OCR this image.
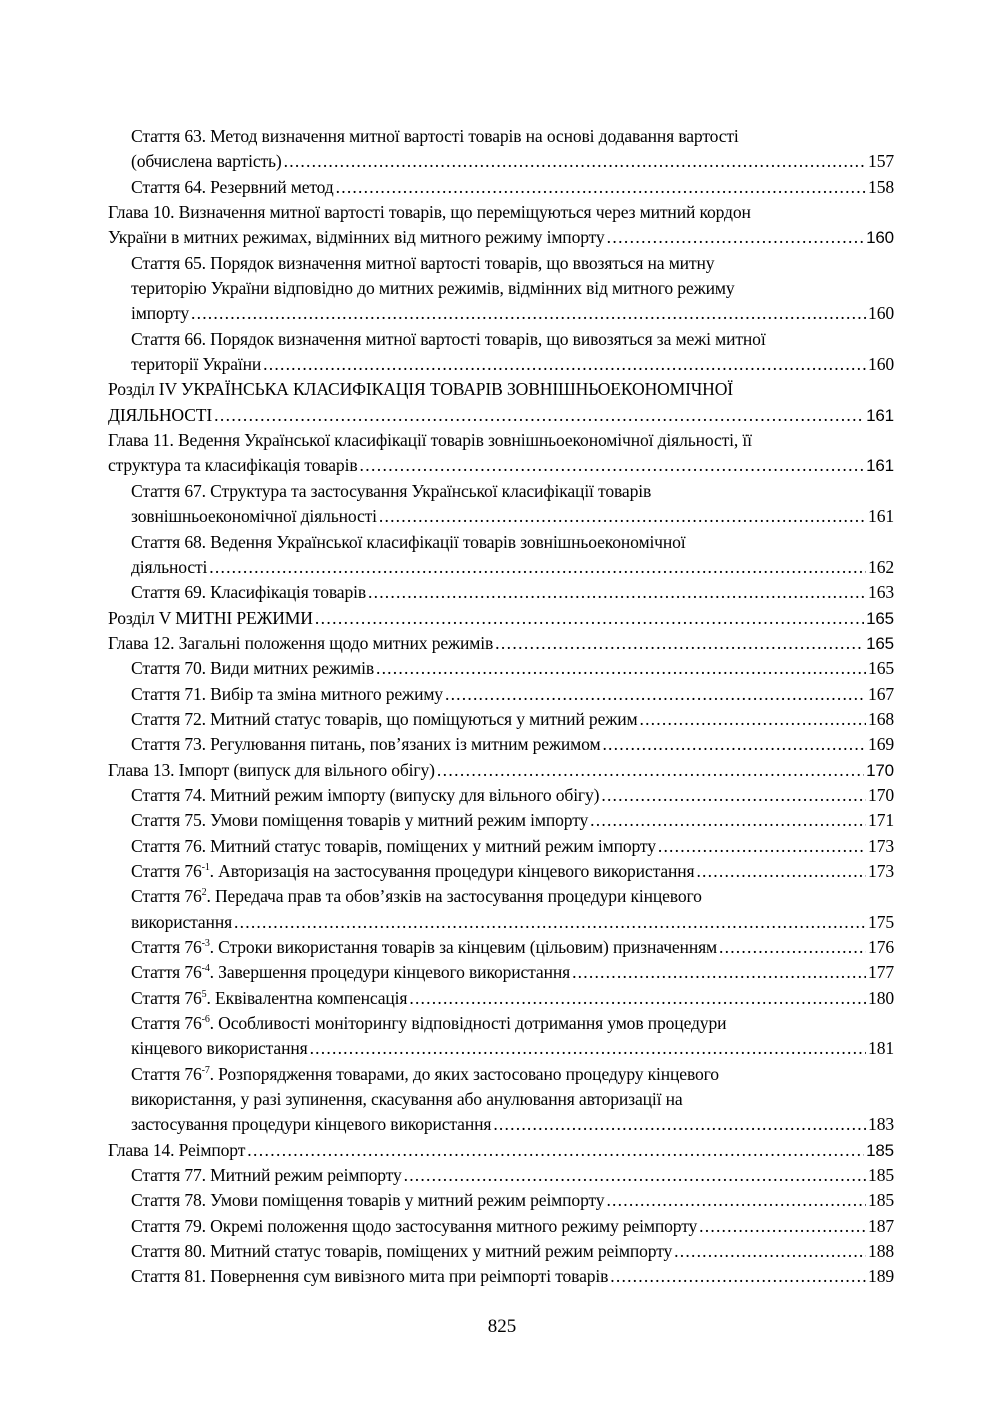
Стаття 63. Метод визначення митної вартості товарів на основі додавання вартості
(обчислена вартість) .....	157
Стаття 64. Резервний метод .....	158
Глава 10. Визначення митної вартості товарів, що переміщуються через митний кордон
України в митних режимах, відмінних від митного режиму імпорту .....	160
Стаття 65. Порядок визначення митної вартості товарів, що ввозяться на митну
територію України відповідно до митних режимів, відмінних від митного режиму
імпорту .....	160
Стаття 66. Порядок визначення митної вартості товарів, що вивозяться за межі митної
території України .....	160
Розділ IV УКРАЇНСЬКА КЛАСИФІКАЦІЯ ТОВАРІВ ЗОВНІШНЬОЕКОНОМІЧНОЇ
ДІЯЛЬНОСТІ .....	161
Глава 11. Ведення Української класифікації товарів зовнішньоекономічної діяльності, її
структура та класифікація товарів .....	161
Стаття 67. Структура та застосування Української класифікації товарів
зовнішньоекономічної діяльності .....	161
Стаття 68. Ведення Української класифікації товарів зовнішньоекономічної
діяльності .....	162
Стаття 69. Класифікація товарів .....	163
Розділ V МИТНІ РЕЖИМИ .....	165
Глава 12. Загальні положення щодо митних режимів .....	165
Стаття 70. Види митних режимів .....	165
Стаття 71. Вибір та зміна митного режиму .....	167
Стаття 72. Митний статус товарів, що поміщуються у митний режим .....	168
Стаття 73. Регулювання питань, пов’язаних із митним режимом .....	169
Глава 13. Імпорт (випуск для вільного обігу) .....	170
Стаття 74. Митний режим імпорту (випуску для вільного обігу) .....	170
Стаття 75. Умови поміщення товарів у митний режим імпорту .....	171
Стаття 76. Митний статус товарів, поміщених у митний режим імпорту .....	173
Стаття $76^{-1}$. Авторизація на застосування процедури кінцевого використання .....	173
Стаття $76^2$. Передача прав та обов’язків на застосування процедури кінцевого
використання .....	175
Стаття $76^{-3}$. Строки використання товарів за кінцевим (цільовим) призначенням .....	176
Стаття $76^{-4}$. Завершення процедури кінцевого використання .....	177
Стаття $76^5$. Еквівалентна компенсація .....	180
Стаття $76^{-6}$. Особливості моніторингу відповідності дотримання умов процедури
кінцевого використання .....	181
Стаття $76^{-7}$. Розпорядження товарами, до яких застосовано процедуру кінцевого
використання, у разі зупинення, скасування або анулювання авторизації на
застосування процедури кінцевого використання .....	183
Глава 14. Реімпорт .....	185
Стаття 77. Митний режим реімпорту .....	185
Стаття 78. Умови поміщення товарів у митний режим реімпорту .....	185
Стаття 79. Окремі положення щодо застосування митного режиму реімпорту .....	187
Стаття 80. Митний статус товарів, поміщених у митний режим реімпорту .....	188
Стаття 81. Повернення сум вивізного мита при реімпорті товарів .....	189
825
